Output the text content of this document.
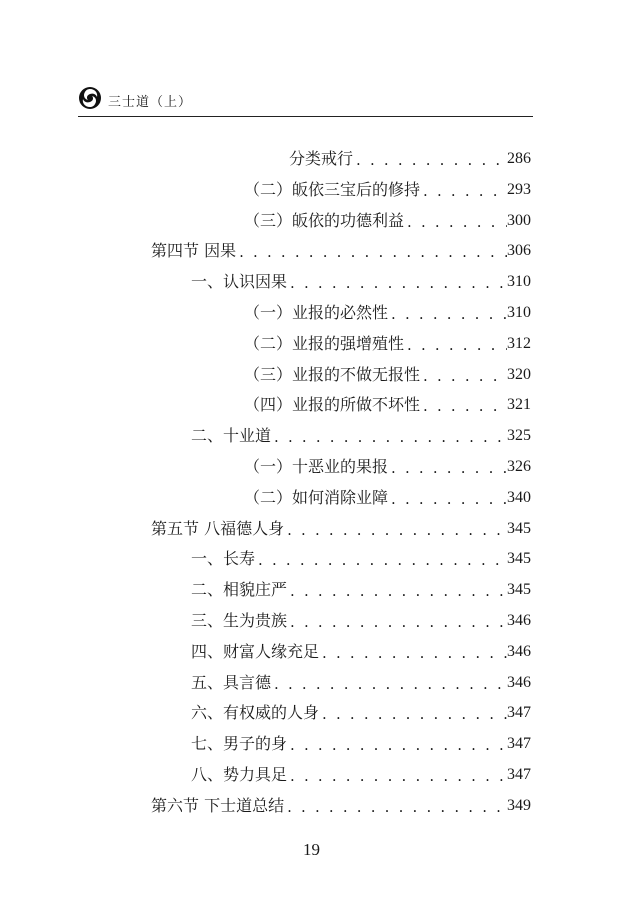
三士道（上）
分类戒行 . . .	286
（二）皈依三宝后的修持 . . .	293
（三）皈依的功德利益 . . .	300
第四节 因果 . . .	306
一、认识因果 . . .	310
（一）业报的必然性 . . .	310
（二）业报的强增殖性 . . .	312
（三）业报的不做无报性 . . .	320
（四）业报的所做不坏性 . . .	321
二、十业道 . . .	325
（一）十恶业的果报 . . .	326
（二）如何消除业障 . . .	340
第五节 八福德人身 . . .	345
一、长寿 . . .	345
二、相貌庄严 . . .	345
三、生为贵族 . . .	346
四、财富人缘充足 . . .	346
五、具言德 . . .	346
六、有权威的人身 . . .	347
七、男子的身 . . .	347
八、势力具足 . . .	347
第六节 下士道总结 . . .	349
19
